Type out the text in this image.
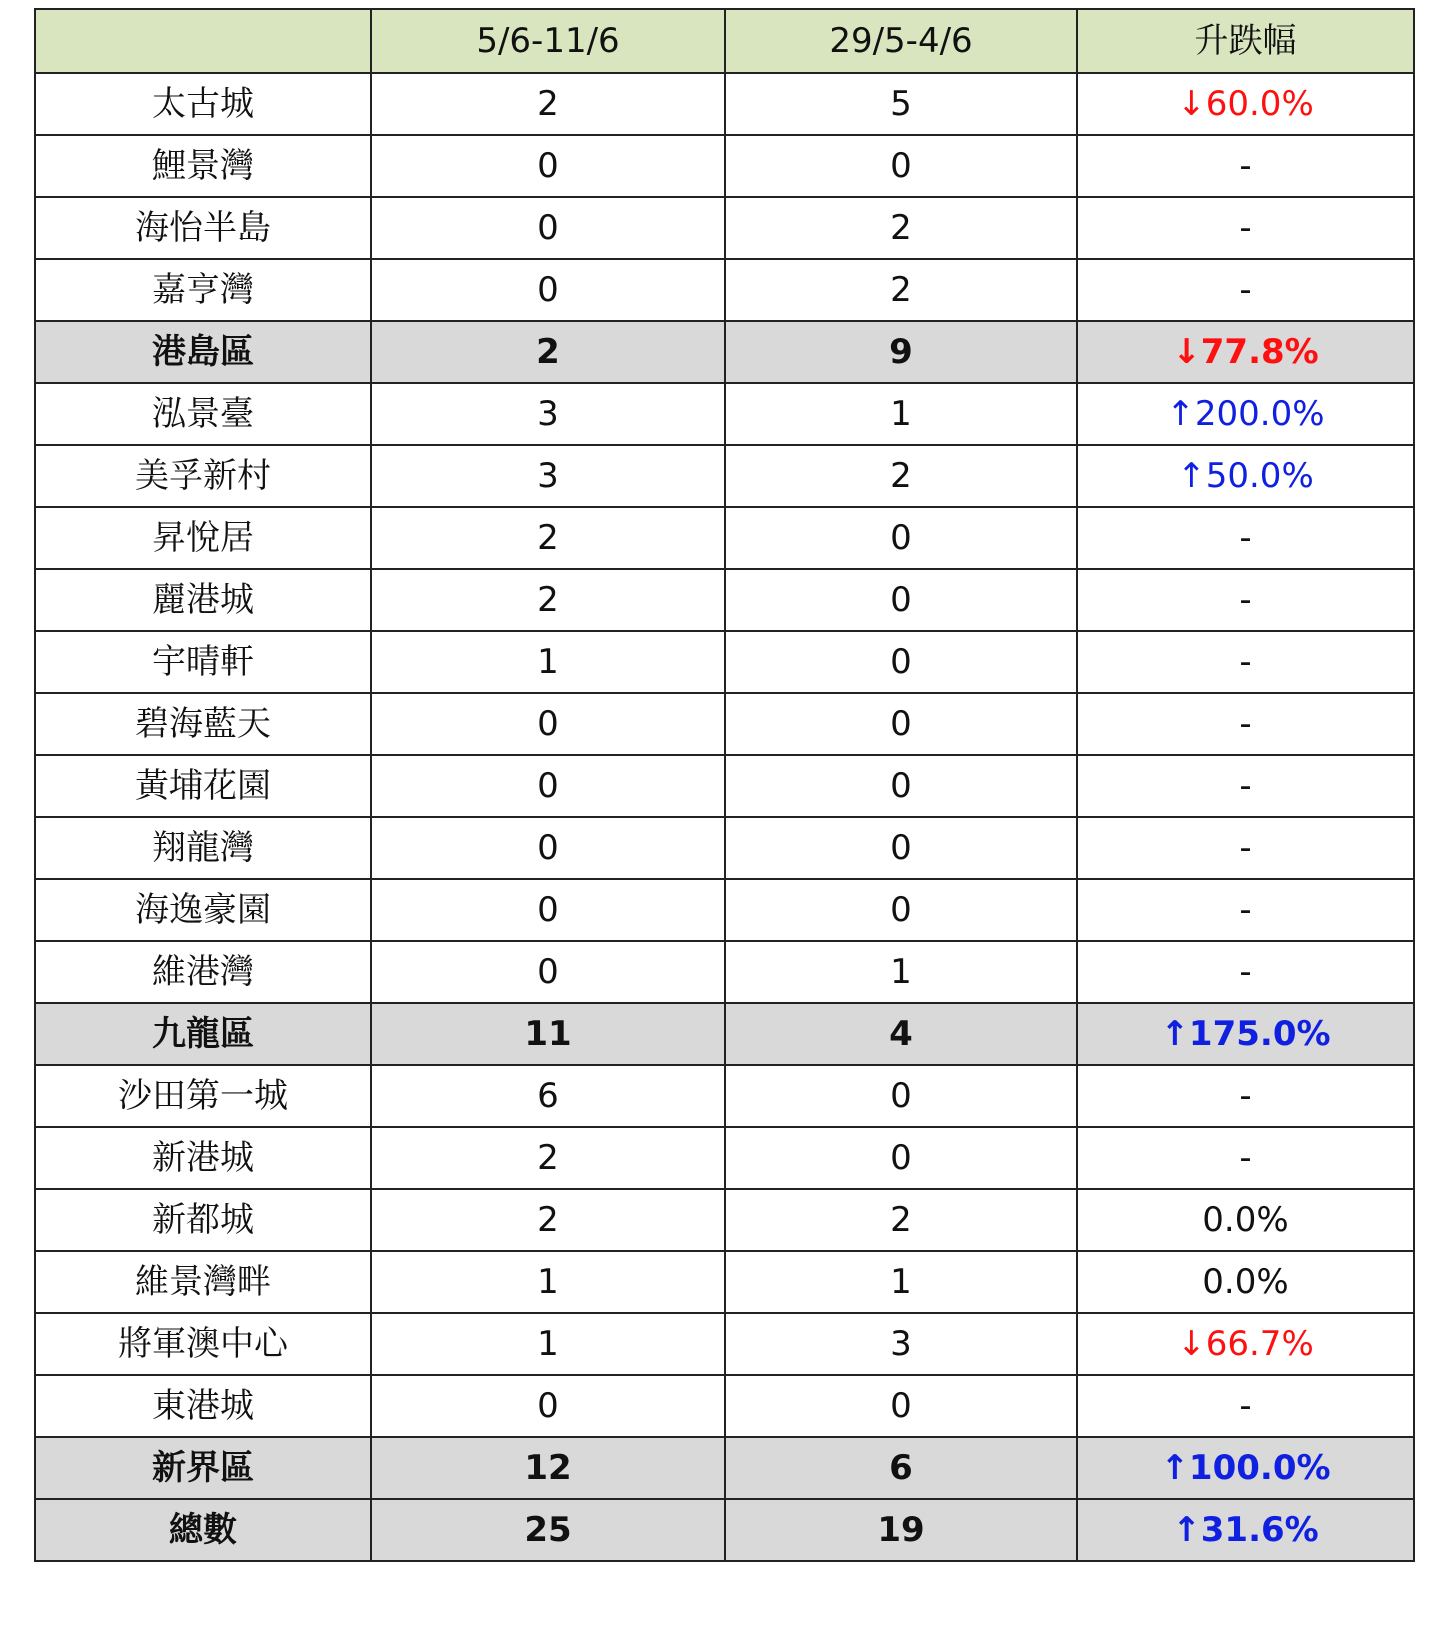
	5/6-11/6	29/5-4/6	升跌幅
太古城	2	5	↓60.0%
鯉景灣	0	0	-
海怡半島	0	2	-
嘉亨灣	0	2	-
港島區	2	9	↓77.8%
泓景臺	3	1	↑200.0%
美孚新村	3	2	↑50.0%
昇悅居	2	0	-
麗港城	2	0	-
宇晴軒	1	0	-
碧海藍天	0	0	-
黃埔花園	0	0	-
翔龍灣	0	0	-
海逸豪園	0	0	-
維港灣	0	1	-
九龍區	11	4	↑175.0%
沙田第一城	6	0	-
新港城	2	0	-
新都城	2	2	0.0%
維景灣畔	1	1	0.0%
將軍澳中心	1	3	↓66.7%
東港城	0	0	-
新界區	12	6	↑100.0%
總數	25	19	↑31.6%
